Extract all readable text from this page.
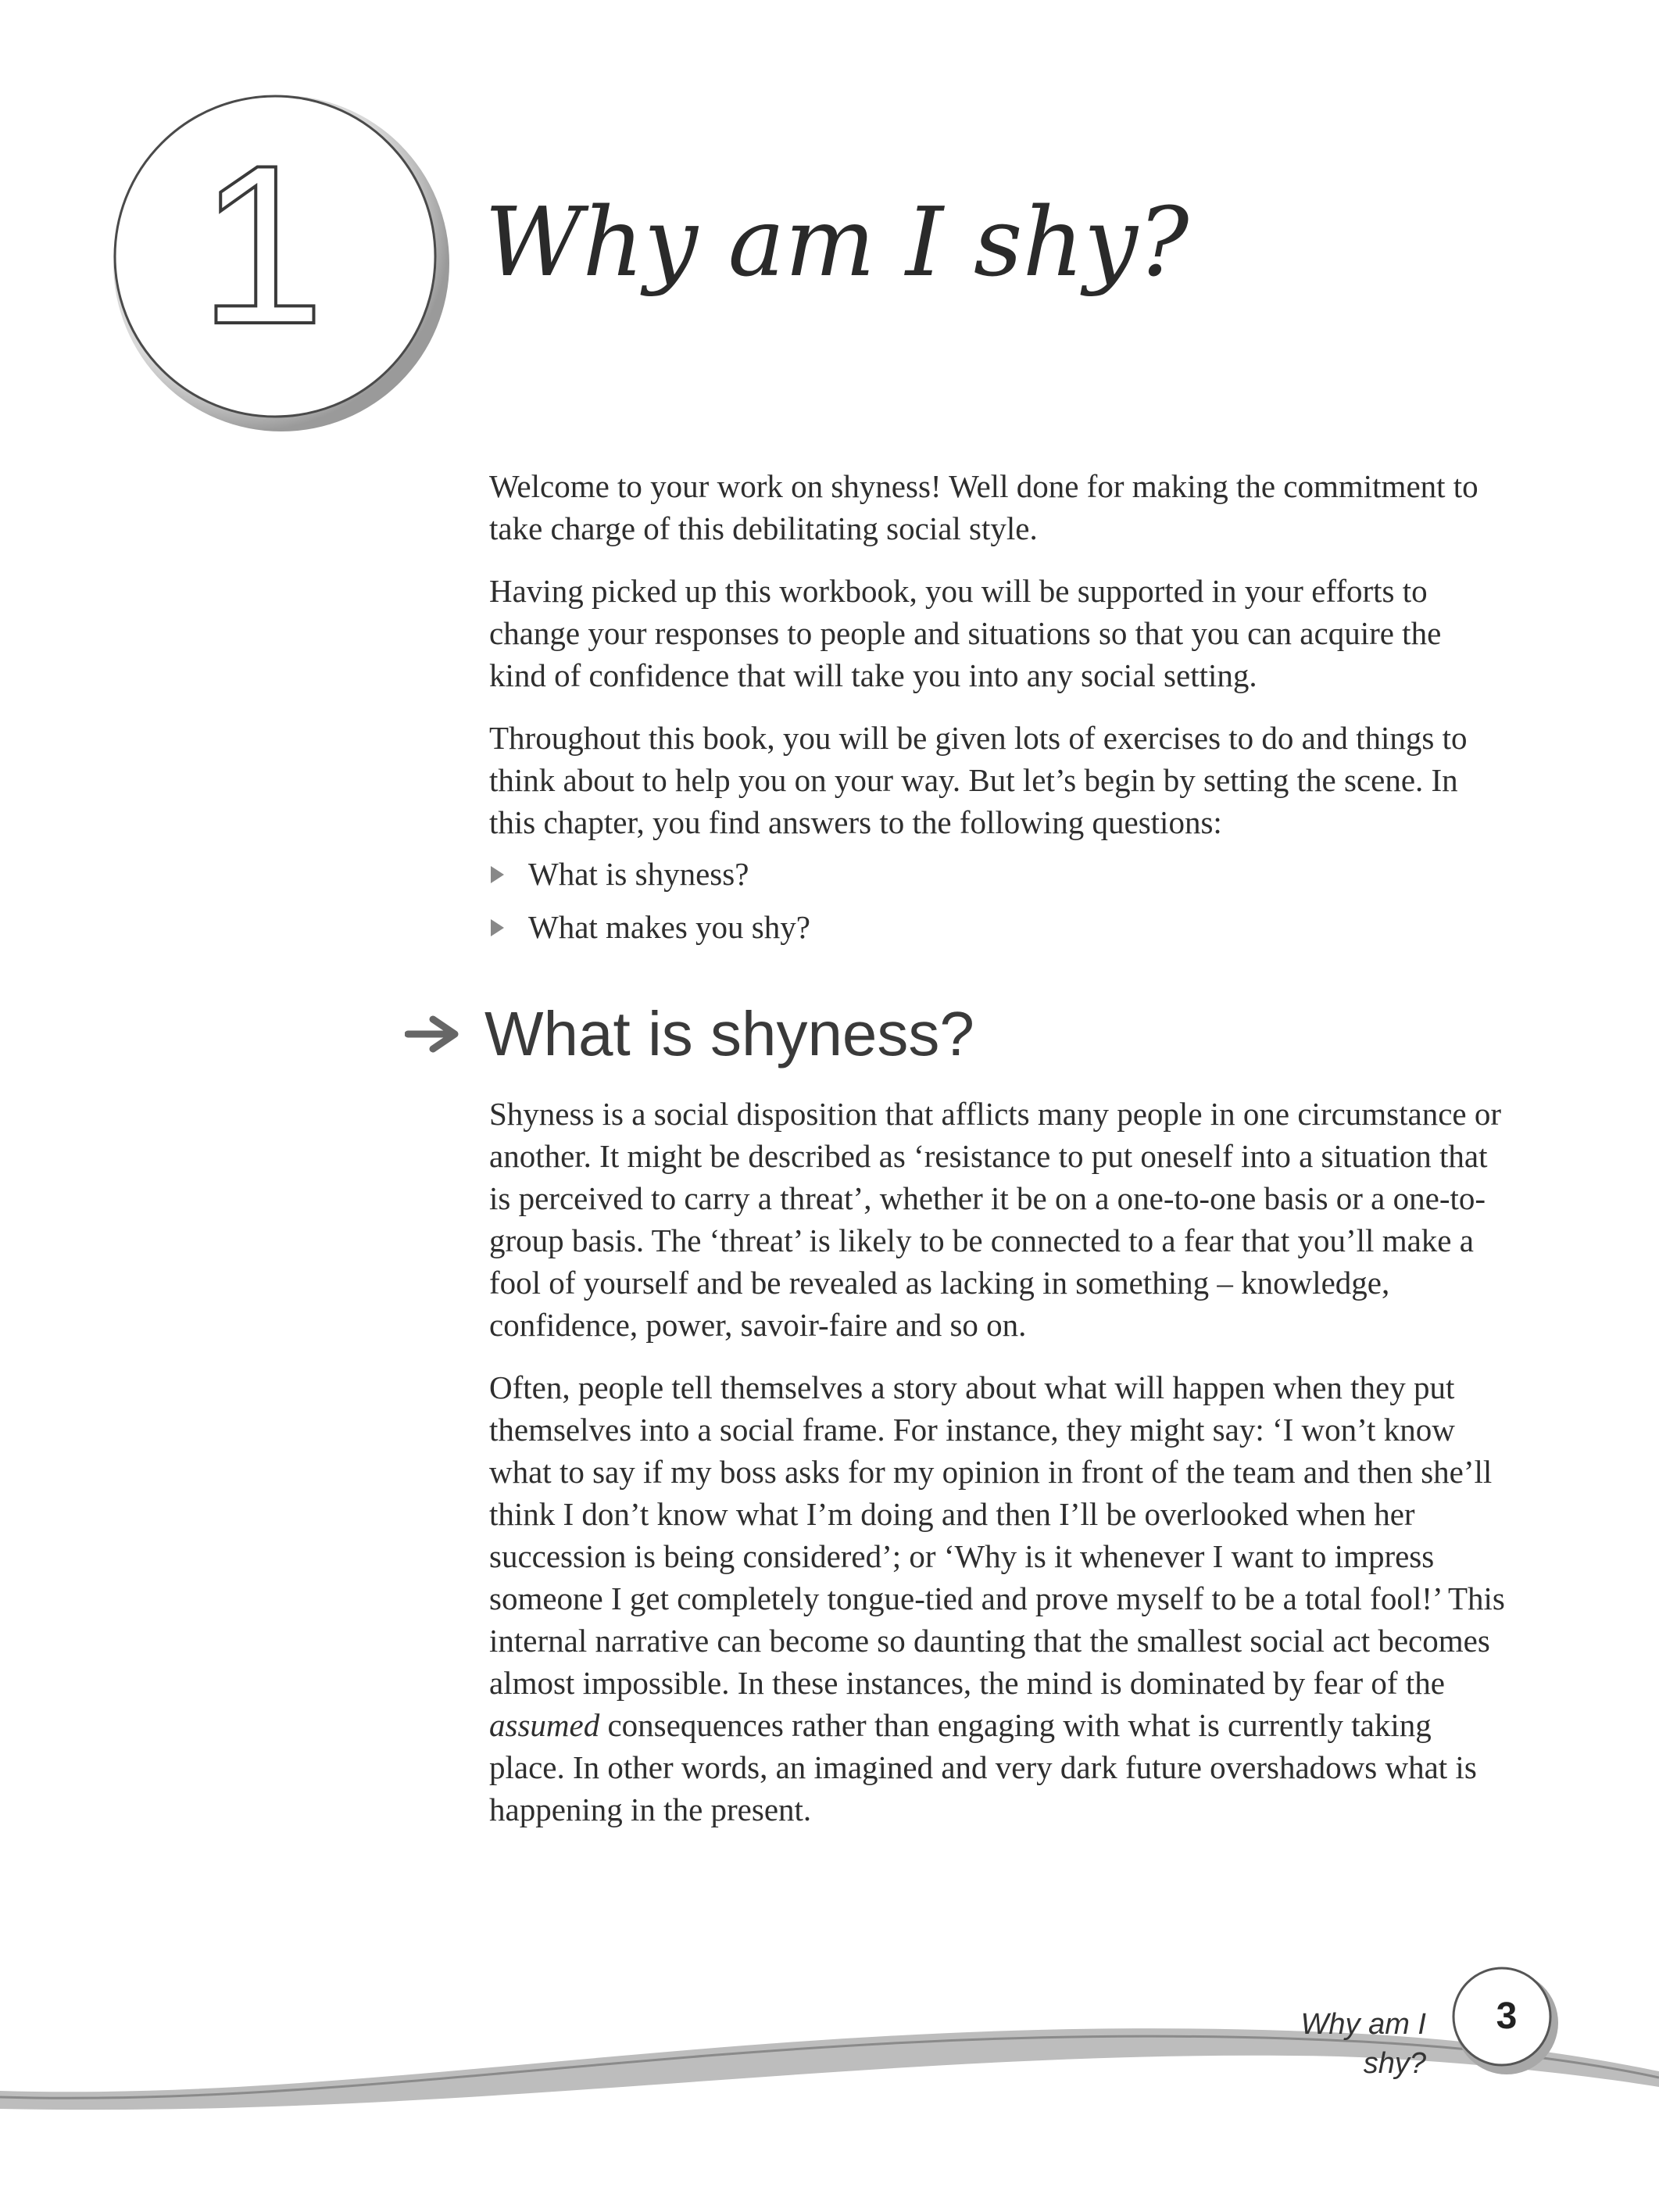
1 Why am I shy?

Welcome to your work on shyness! Well done for making the commitment to take charge of this debilitating social style.

Having picked up this workbook, you will be supported in your efforts to change your responses to people and situations so that you can acquire the kind of confidence that will take you into any social setting.

Throughout this book, you will be given lots of exercises to do and things to think about to help you on your way. But let’s begin by setting the scene. In this chapter, you find answers to the following questions:

What is shyness?
What makes you shy?
What is shyness?

Shyness is a social disposition that afflicts many people in one circumstance or another. It might be described as ‘resistance to put oneself into a situation that is perceived to carry a threat’, whether it be on a one-to-one basis or a one-to-group basis. The ‘threat’ is likely to be connected to a fear that you’ll make a fool of yourself and be revealed as lacking in something – knowledge, confidence, power, savoir-faire and so on.

Often, people tell themselves a story about what will happen when they put themselves into a social frame. For instance, they might say: ‘I won’t know what to say if my boss asks for my opinion in front of the team and then she’ll think I don’t know what I’m doing and then I’ll be overlooked when her succession is being considered’; or ‘Why is it whenever I want to impress someone I get completely tongue-tied and prove myself to be a total fool!’ This internal narrative can become so daunting that the smallest social act becomes almost impossible. In these instances, the mind is dominated by fear of the assumed consequences rather than engaging with what is currently taking place. In other words, an imagined and very dark future overshadows what is happening in the present.

Why am I shy?
3
